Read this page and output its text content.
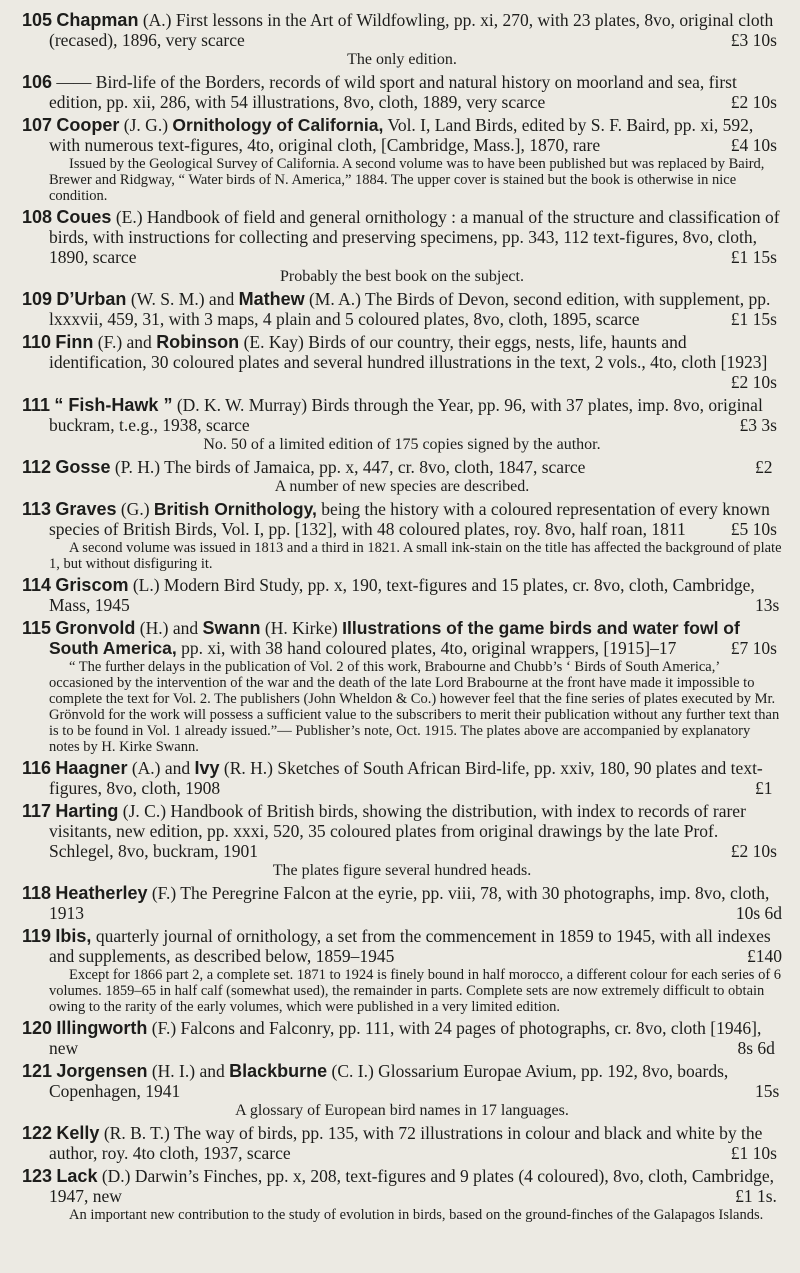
105 Chapman (A.) First lessons in the Art of Wildfowling, pp. xi, 270, with 23 plates, 8vo, original cloth (recased), 1896, very scarce	£3 10s
The only edition.
106 —— Bird-life of the Borders, records of wild sport and natural history on moorland and sea, first edition, pp. xii, 286, with 54 illustrations, 8vo, cloth, 1889, very scarce	£2 10s
107 Cooper (J. G.) Ornithology of California, Vol. I, Land Birds, edited by S. F. Baird, pp. xi, 592, with numerous text-figures, 4to, original cloth, [Cambridge, Mass.], 1870, rare	£4 10s
Issued by the Geological Survey of California. A second volume was to have been published but was replaced by Baird, Brewer and Ridgway, “ Water birds of N. America,” 1884. The upper cover is stained but the book is otherwise in nice condition.
108 Coues (E.) Handbook of field and general ornithology : a manual of the structure and classification of birds, with instructions for collecting and preserving specimens, pp. 343, 112 text-figures, 8vo, cloth, 1890, scarce	£1 15s
Probably the best book on the subject.
109 D’Urban (W. S. M.) and Mathew (M. A.) The Birds of Devon, second edition, with supplement, pp. lxxxvii, 459, 31, with 3 maps, 4 plain and 5 coloured plates, 8vo, cloth, 1895, scarce	£1 15s
110 Finn (F.) and Robinson (E. Kay) Birds of our country, their eggs, nests, life, haunts and identification, 30 coloured plates and several hundred illustrations in the text, 2 vols., 4to, cloth [1923]
£2 10s
111 “ Fish-Hawk ” (D. K. W. Murray) Birds through the Year, pp. 96, with 37 plates, imp. 8vo, original buckram, t.e.g., 1938, scarce	£3 3s
No. 50 of a limited edition of 175 copies signed by the author.
112 Gosse (P. H.) The birds of Jamaica, pp. x, 447, cr. 8vo, cloth, 1847, scarce	£2
A number of new species are described.
113 Graves (G.) British Ornithology, being the history with a coloured representation of every known species of British Birds, Vol. I, pp. [132], with 48 coloured plates, roy. 8vo, half roan, 1811	£5 10s
A second volume was issued in 1813 and a third in 1821. A small ink-stain on the title has affected the background of plate 1, but without disfiguring it.
114 Griscom (L.) Modern Bird Study, pp. x, 190, text-figures and 15 plates, cr. 8vo, cloth, Cambridge, Mass, 1945	13s
115 Gronvold (H.) and Swann (H. Kirke) Illustrations of the game birds and water fowl of South America, pp. xi, with 38 hand coloured plates, 4to, original wrappers, [1915]–17	£7 10s
“ The further delays in the publication of Vol. 2 of this work, Brabourne and Chubb’s ‘ Birds of South America,’ occasioned by the intervention of the war and the death of the late Lord Brabourne at the front have made it impossible to complete the text for Vol. 2. The publishers (John Wheldon & Co.) however feel that the fine series of plates executed by Mr. Grönvold for the work will possess a sufficient value to the subscribers to merit their publication without any further text than is to be found in Vol. 1 already issued.”— Publisher’s note, Oct. 1915. The plates above are accompanied by explanatory notes by H. Kirke Swann.
116 Haagner (A.) and Ivy (R. H.) Sketches of South African Bird-life, pp. xxiv, 180, 90 plates and text-figures, 8vo, cloth, 1908	£1
117 Harting (J. C.) Handbook of British birds, showing the distribution, with index to records of rarer visitants, new edition, pp. xxxi, 520, 35 coloured plates from original drawings by the late Prof. Schlegel, 8vo, buckram, 1901	£2 10s
The plates figure several hundred heads.
118 Heatherley (F.) The Peregrine Falcon at the eyrie, pp. viii, 78, with 30 photographs, imp. 8vo, cloth, 1913	10s 6d
119 Ibis, quarterly journal of ornithology, a set from the commencement in 1859 to 1945, with all indexes and supplements, as described below, 1859–1945	£140
Except for 1866 part 2, a complete set. 1871 to 1924 is finely bound in half morocco, a different colour for each series of 6 volumes. 1859–65 in half calf (somewhat used), the remainder in parts. Complete sets are now extremely difficult to obtain owing to the rarity of the early volumes, which were published in a very limited edition.
120 Illingworth (F.) Falcons and Falconry, pp. 111, with 24 pages of photographs, cr. 8vo, cloth [1946], new	8s 6d
121 Jorgensen (H. I.) and Blackburne (C. I.) Glossarium Europae Avium, pp. 192, 8vo, boards, Copenhagen, 1941	15s
A glossary of European bird names in 17 languages.
122 Kelly (R. B. T.) The way of birds, pp. 135, with 72 illustrations in colour and black and white by the author, roy. 4to cloth, 1937, scarce	£1 10s
123 Lack (D.) Darwin’s Finches, pp. x, 208, text-figures and 9 plates (4 coloured), 8vo, cloth, Cambridge, 1947, new	£1 1s.
An important new contribution to the study of evolution in birds, based on the ground-finches of the Galapagos Islands.
